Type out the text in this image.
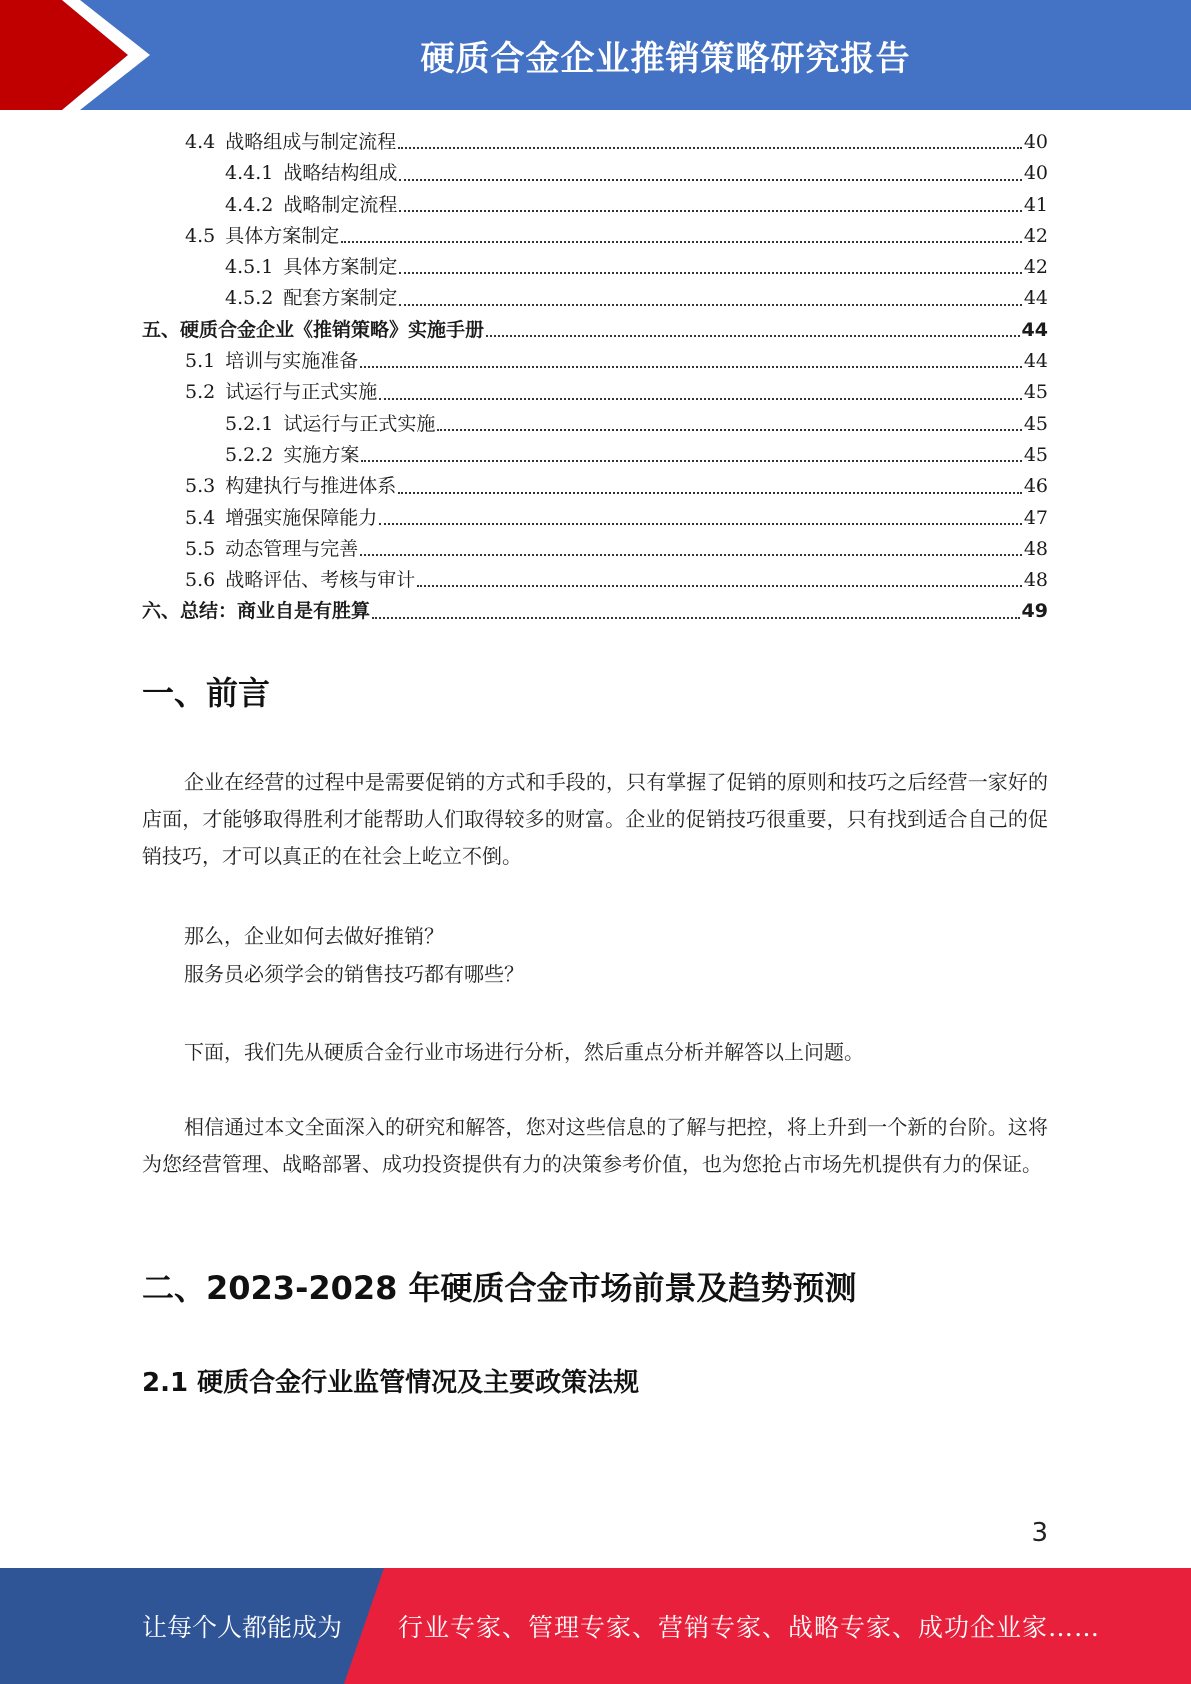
硬质合金企业推销策略研究报告
4.4 战略组成与制定流程	40
4.4.1 战略结构组成	40
4.4.2 战略制定流程	41
4.5 具体方案制定	42
4.5.1 具体方案制定	42
4.5.2 配套方案制定	44
五、硬质合金企业《推销策略》实施手册	44
5.1 培训与实施准备	44
5.2 试运行与正式实施	45
5.2.1 试运行与正式实施	45
5.2.2 实施方案	45
5.3 构建执行与推进体系	46
5.4 增强实施保障能力	47
5.5 动态管理与完善	48
5.6 战略评估、考核与审计	48
六、总结：商业自是有胜算	49
一、前言
企业在经营的过程中是需要促销的方式和手段的，只有掌握了促销的原则和技巧之后经营一家好的店面，才能够取得胜利才能帮助人们取得较多的财富。企业的促销技巧很重要，只有找到适合自己的促销技巧，才可以真正的在社会上屹立不倒。
那么，企业如何去做好推销？
服务员必须学会的销售技巧都有哪些？
下面，我们先从硬质合金行业市场进行分析，然后重点分析并解答以上问题。
相信通过本文全面深入的研究和解答，您对这些信息的了解与把控，将上升到一个新的台阶。这将为您经营管理、战略部署、成功投资提供有力的决策参考价值，也为您抢占市场先机提供有力的保证。
二、2023-2028 年硬质合金市场前景及趋势预测
2.1 硬质合金行业监管情况及主要政策法规
3
让每个人都能成为 行业专家、管理专家、营销专家、战略专家、成功企业家……
